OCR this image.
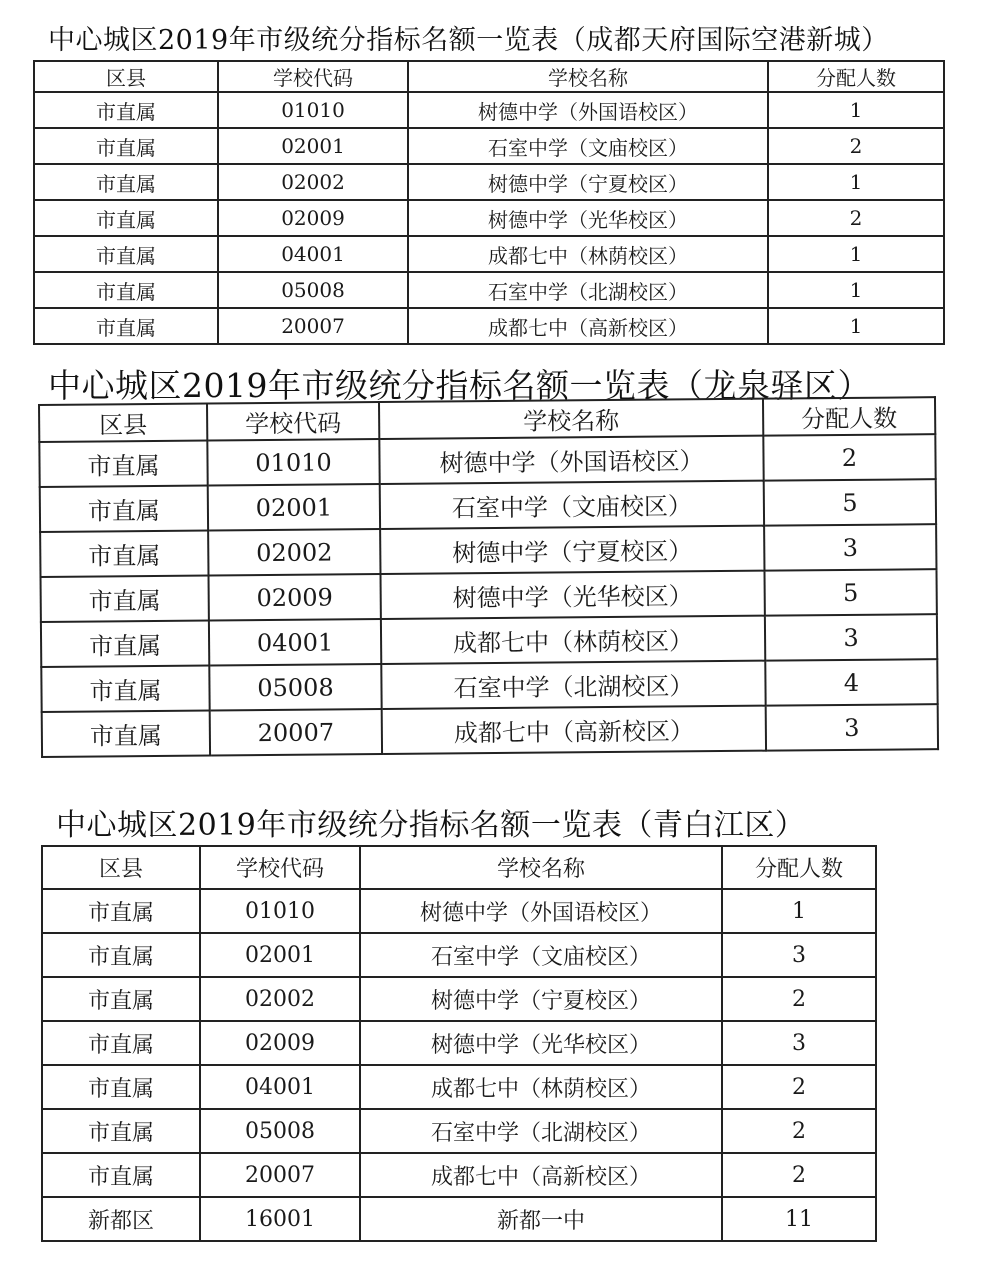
中心城区2019年市级统分指标名额一览表（成都天府国际空港新城）
区县	学校代码	学校名称	分配人数
市直属	01010	树德中学（外国语校区）	1
市直属	02001	石室中学（文庙校区）	2
市直属	02002	树德中学（宁夏校区）	1
市直属	02009	树德中学（光华校区）	2
市直属	04001	成都七中（林荫校区）	1
市直属	05008	石室中学（北湖校区）	1
市直属	20007	成都七中（高新校区）	1
中心城区2019年市级统分指标名额一览表（龙泉驿区）
区县	学校代码	学校名称	分配人数
市直属	01010	树德中学（外国语校区）	2
市直属	02001	石室中学（文庙校区）	5
市直属	02002	树德中学（宁夏校区）	3
市直属	02009	树德中学（光华校区）	5
市直属	04001	成都七中（林荫校区）	3
市直属	05008	石室中学（北湖校区）	4
市直属	20007	成都七中（高新校区）	3
中心城区2019年市级统分指标名额一览表（青白江区）
区县	学校代码	学校名称	分配人数
市直属	01010	树德中学（外国语校区）	1
市直属	02001	石室中学（文庙校区）	3
市直属	02002	树德中学（宁夏校区）	2
市直属	02009	树德中学（光华校区）	3
市直属	04001	成都七中（林荫校区）	2
市直属	05008	石室中学（北湖校区）	2
市直属	20007	成都七中（高新校区）	2
新都区	16001	新都一中	11
